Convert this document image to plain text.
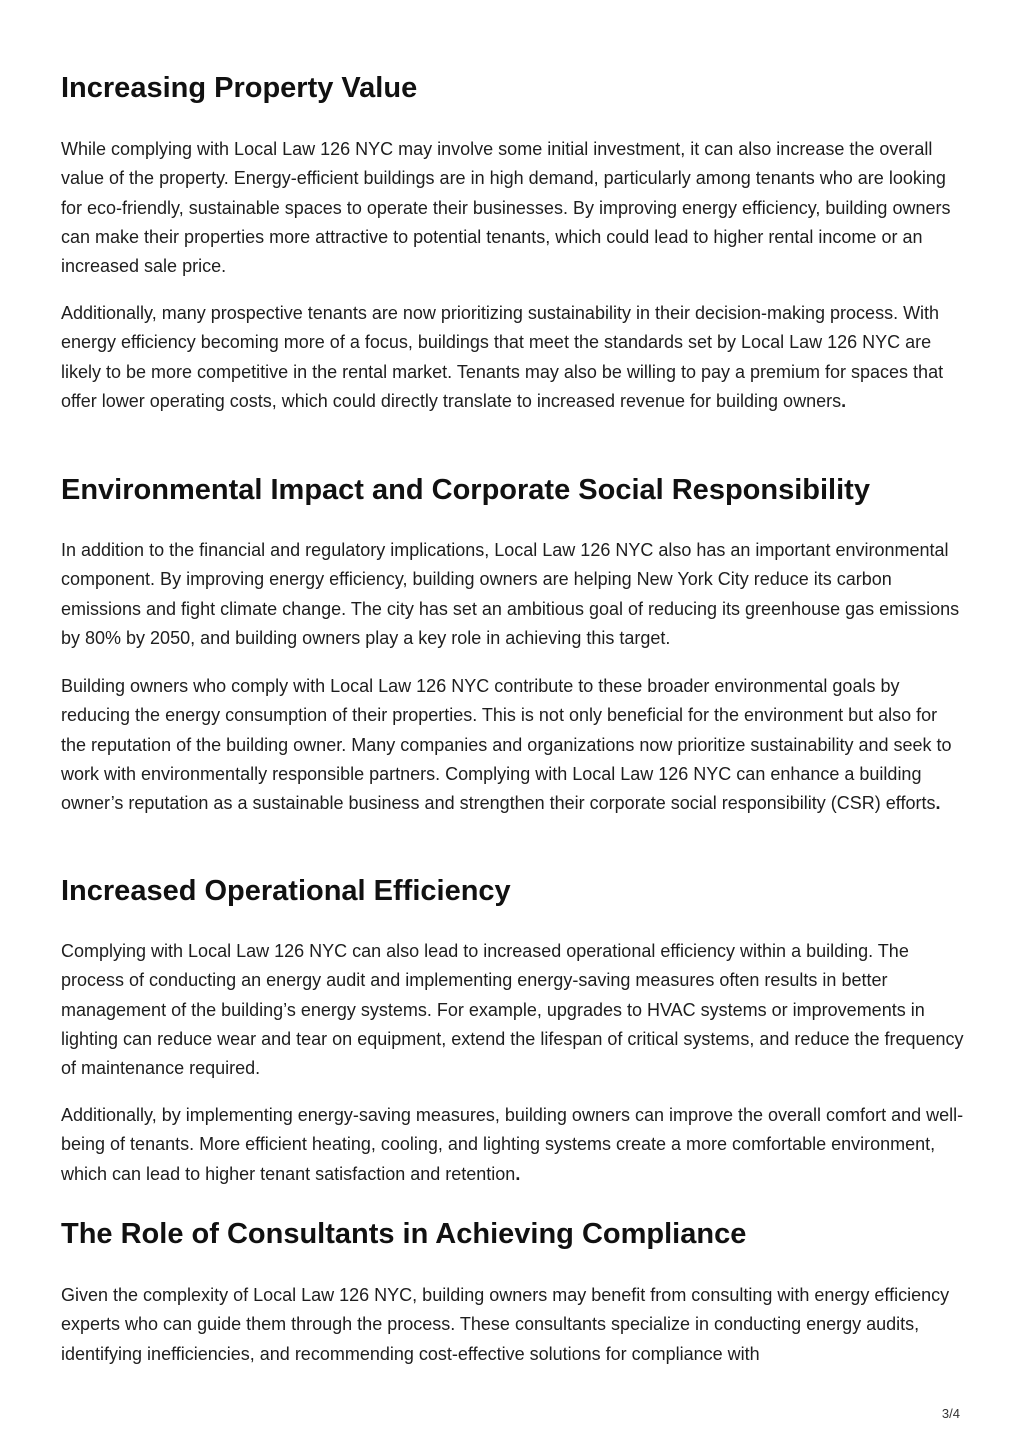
Increasing Property Value

While complying with Local Law 126 NYC may involve some initial investment, it can also increase the overall value of the property. Energy-efficient buildings are in high demand, particularly among tenants who are looking for eco-friendly, sustainable spaces to operate their businesses. By improving energy efficiency, building owners can make their properties more attractive to potential tenants, which could lead to higher rental income or an increased sale price.

Additionally, many prospective tenants are now prioritizing sustainability in their decision-making process. With energy efficiency becoming more of a focus, buildings that meet the standards set by Local Law 126 NYC are likely to be more competitive in the rental market. Tenants may also be willing to pay a premium for spaces that offer lower operating costs, which could directly translate to increased revenue for building owners.

Environmental Impact and Corporate Social Responsibility

In addition to the financial and regulatory implications, Local Law 126 NYC also has an important environmental component. By improving energy efficiency, building owners are helping New York City reduce its carbon emissions and fight climate change. The city has set an ambitious goal of reducing its greenhouse gas emissions by 80% by 2050, and building owners play a key role in achieving this target.

Building owners who comply with Local Law 126 NYC contribute to these broader environmental goals by reducing the energy consumption of their properties. This is not only beneficial for the environment but also for the reputation of the building owner. Many companies and organizations now prioritize sustainability and seek to work with environmentally responsible partners. Complying with Local Law 126 NYC can enhance a building owner’s reputation as a sustainable business and strengthen their corporate social responsibility (CSR) efforts.

Increased Operational Efficiency

Complying with Local Law 126 NYC can also lead to increased operational efficiency within a building. The process of conducting an energy audit and implementing energy-saving measures often results in better management of the building’s energy systems. For example, upgrades to HVAC systems or improvements in lighting can reduce wear and tear on equipment, extend the lifespan of critical systems, and reduce the frequency of maintenance required.

Additionally, by implementing energy-saving measures, building owners can improve the overall comfort and well-being of tenants. More efficient heating, cooling, and lighting systems create a more comfortable environment, which can lead to higher tenant satisfaction and retention.

The Role of Consultants in Achieving Compliance

Given the complexity of Local Law 126 NYC, building owners may benefit from consulting with energy efficiency experts who can guide them through the process. These consultants specialize in conducting energy audits, identifying inefficiencies, and recommending cost-effective solutions for compliance with

3/4
